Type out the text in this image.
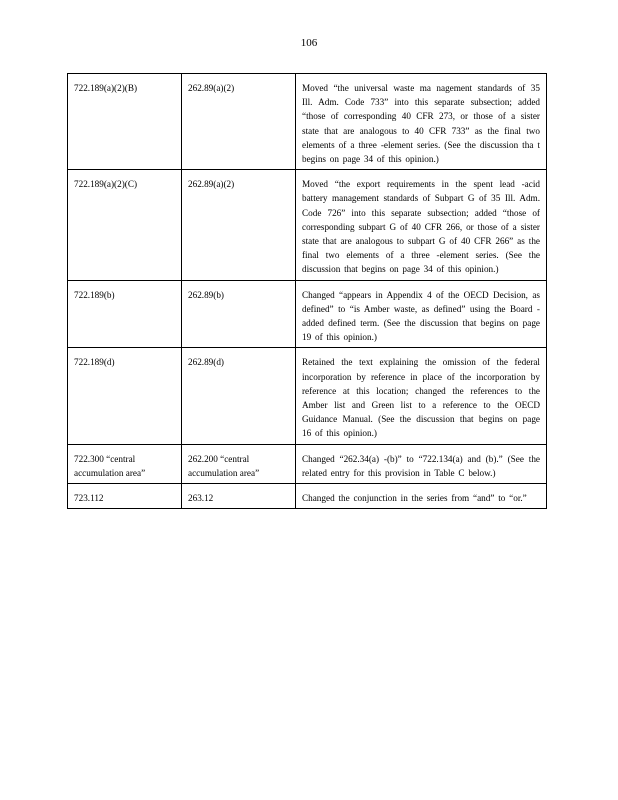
106
722.189(a)(2)(B)	262.89(a)(2)	Moved “the universal waste ma nagement standards of 35 Ill. Adm. Code 733” into this separate subsection; added “those of corresponding 40 CFR 273, or those of a sister state that are analogous to 40 CFR 733” as the final two elements of a three -element series. (See the discussion tha t begins on page 34 of this opinion.)
722.189(a)(2)(C)	262.89(a)(2)	Moved “the export requirements in the spent lead -acid battery management standards of Subpart G of 35 Ill. Adm. Code 726” into this separate subsection; added “those of corresponding subpart G of 40 CFR 266, or those of a sister state that are analogous to subpart G of 40 CFR 266” as the final two elements of a three -element series. (See the discussion that begins on page 34 of this opinion.)
722.189(b)	262.89(b)	Changed “appears in Appendix 4 of the OECD Decision, as defined” to “is Amber waste, as defined” using the Board -added defined term. (See the discussion that begins on page 19 of this opinion.)
722.189(d)	262.89(d)	Retained the text explaining the omission of the federal incorporation by reference in place of the incorporation by reference at this location; changed the references to the Amber list and Green list to a reference to the OECD Guidance Manual. (See the discussion that begins on page 16 of this opinion.)
722.300 “central accumulation area”	262.200 “central accumulation area”	Changed “262.34(a) -(b)” to “722.134(a) and (b).” (See the related entry for this provision in Table C below.)
723.112	263.12	Changed the conjunction in the series from “and” to “or.”
